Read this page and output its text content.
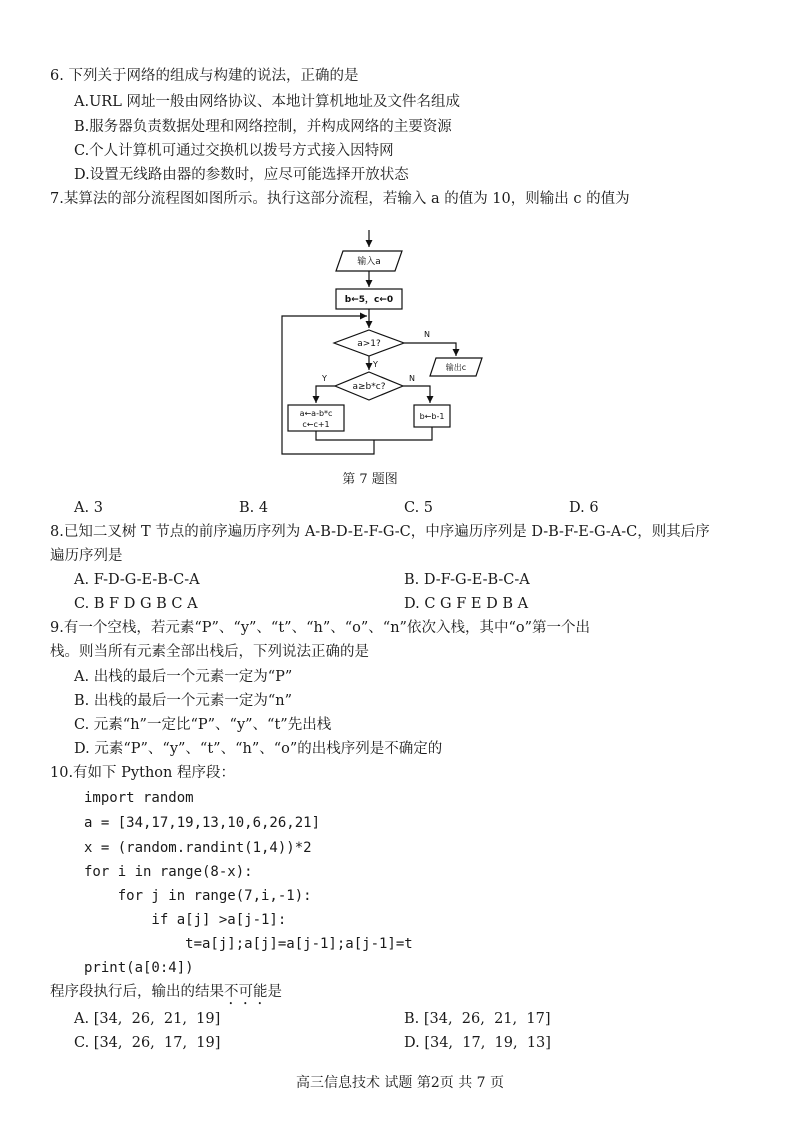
6. 下列关于网络的组成与构建的说法，正确的是
A.URL 网址一般由网络协议、本地计算机地址及文件名组成
B.服务器负责数据处理和网络控制，并构成网络的主要资源
C.个人计算机可通过交换机以拨号方式接入因特网
D.设置无线路由器的参数时，应尽可能选择开放状态
7.某算法的部分流程图如图所示。执行这部分流程，若输入 a 的值为 10，则输出 c 的值为
输入a
b←5，c←0
a>1?
a≥b*c?
Y
Y
N
N
a←a-b*c
c←c+1
b←b-1
输出c
第 7 题图
A. 3	B. 4	C. 5	D. 6
8.已知二叉树 T 节点的前序遍历序列为 A-B-D-E-F-G-C，中序遍历序列是 D-B-F-E-G-A-C，则其后序
遍历序列是
A. F-D-G-E-B-C-A	B. D-F-G-E-B-C-A
C. B F D G B C A	D. C G F E D B A
9.有一个空栈，若元素“P”、“y”、“t”、“h”、“o”、“n”依次入栈，其中“o”第一个出
栈。则当所有元素全部出栈后，下列说法正确的是
A. 出栈的最后一个元素一定为“P”
B. 出栈的最后一个元素一定为“n”
C. 元素“h”一定比“P”、“y”、“t”先出栈
D. 元素“P”、“y”、“t”、“h”、“o”的出栈序列是不确定的
10.有如下 Python 程序段：
import random
a = [34,17,19,13,10,6,26,21]
x = (random.randint(1,4))*2
for i in range(8-x):
for j in range(7,i,-1):
if a[j] >a[j-1]:
t=a[j];a[j]=a[j-1];a[j-1]=t
print(a[0:4])
程序段执行后，输出的结果不可能是
A. [34,  26,  21,  19]	B. [34,  26,  21,  17]
C. [34,  26,  17,  19]	D. [34,  17,  19,  13]
高三信息技术 试题 第2页 共 7 页
